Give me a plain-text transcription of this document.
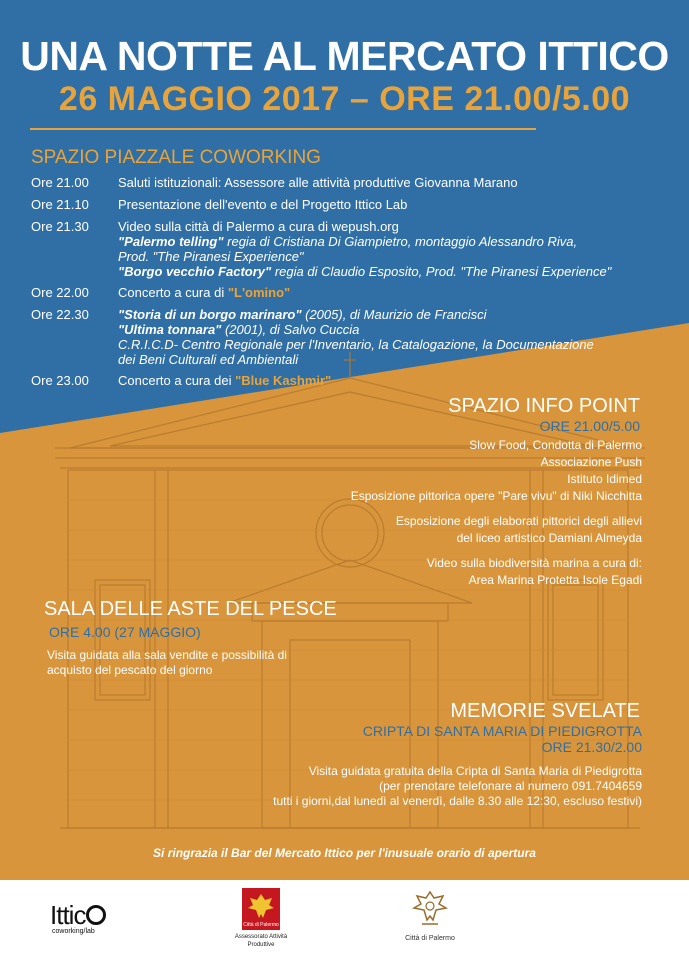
UNA NOTTE AL MERCATO ITTICO
26 MAGGIO 2017 – ORE 21.00/5.00
SPAZIO PIAZZALE COWORKING
Ore 21.00	Saluti istituzionali: Assessore alle attività produttive Giovanna Marano
Ore 21.10	Presentazione dell'evento e del Progetto Ittico Lab
Ore 21.30	Video sulla città di Palermo a cura di wepush.org
"Palermo telling" regia di Cristiana Di Giampietro, montaggio Alessandro Riva,
Prod. "The Piranesi Experience"
"Borgo vecchio Factory" regia di Claudio Esposito, Prod. "The Piranesi Experience"
Ore 22.00	Concerto a cura di "L'omino"
Ore 22.30	"Storia di un borgo marinaro" (2005), di Maurizio de Francisci
"Ultima tonnara" (2001), di Salvo Cuccia
C.R.I.C.D- Centro Regionale per l'Inventario, la Catalogazione, la Documentazione
dei Beni Culturali ed Ambientali
Ore 23.00	Concerto a cura dei "Blue Kashmir"
SPAZIO INFO POINT
ORE 21.00/5.00
Slow Food, Condotta di Palermo
Associazione Push
Istituto Idimed
Esposizione pittorica opere "Pare vivu" di Niki Nicchitta
Esposizione degli elaborati pittorici degli allievi
del liceo artistico Damiani Almeyda
Video sulla biodiversità marina a cura di:
Area Marina Protetta Isole Egadi
SALA DELLE ASTE DEL PESCE
ORE 4.00 (27 MAGGIO)
Visita guidata alla sala vendite e possibilità di acquisto del pescato del giorno
MEMORIE SVELATE
CRIPTA DI SANTA MARIA DI PIEDIGROTTA
ORE 21.30/2.00
Visita guidata gratuita della Cripta di Santa Maria di Piedigrotta
(per prenotare telefonare al numero 091.7404659
tutti i giorni,dal lunedì al venerdì, dalle 8.30 alle 12:30, escluso festivi)
Si ringrazia il Bar del Mercato Ittico per l'inusuale orario di apertura
Ittic
coworking/lab
Città di Palermo
Assessorato Attività
Produttive
Città di Palermo
